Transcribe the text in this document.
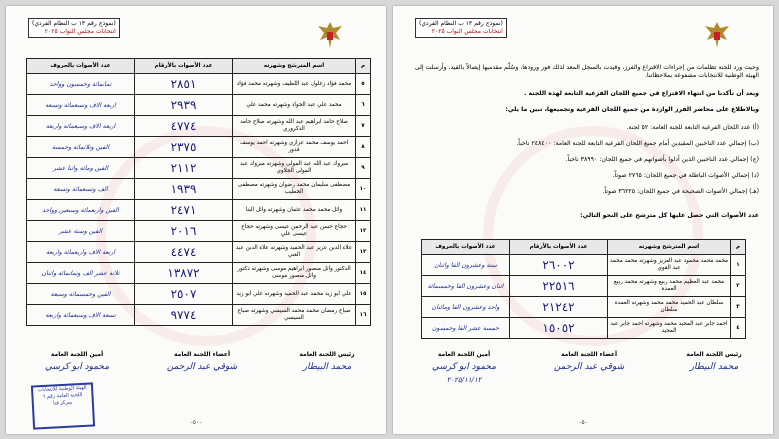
(نموذج رقم ١٣ ب النظام الفردي)
انتخابات مجلس النواب ٢٠٢٥
م	اسم المترشح وشهرته	عدد الأصوات بالأرقام	عدد الأصوات بالحروف
٥	محمد فؤاد زغلول عبد اللطيف وشهرته محمد فؤاد	٢٨٥١	ثمانمائة وخمسون وواحد
٦	محمد علي عبد الجواد وشهرته محمد علي	٢٩٣٩	اربعة الاف وتسعمائة وتسعة
٧	صلاح حامد ابراهيم عبد الله وشهرته صلاح حامد الدكروري	٤٧٧٤	اربعة الاف وسبعمائة واربعة
٨	احمد يوسف محمد عزازي وشهرته احمد يوسف قدور	٢٣٧٥	الفين وثلاثمائة وخمسة
٩	مبروك عبد الله عبد المولى وشهرته مبروك عبد المولى الجلاوي	٢١١٢	الفين ومائة واثنا عشر
١٠	مصطفى سليمان محمد رضوان وشهرته مصطفى الخطيب	١٩٣٩	الف وتسعمائة وتسعة
١١	وائل محمد محمد عثمان وشهرته وائل البنا	٢٤٧١	الفين واربعمائة وسبعين وواحد
١٢	حجاج حسن عبد الرحمن عيسى وشهرته حجاج عيسى علي	٢٠١٦	الفين وستة عشر
١٣	علاء الدين عزيز عبد الحميد وشهرته علاء الدين عبد الغني	٤٤٧٤	اربعة الاف واربعمائة واربعة
١٤	الدكتور وائل منصور ابراهيم موسى وشهرته دكتور وائل منصور موسى	١٣٨٧٢	ثلاثة عشر الف وثمانمائة واثنان
١٥	علي ابو زيد محمد عبد الحميد وشهرته علي ابو زيد	٢٥٠٧	الفين وخمسمائة وسبعة
١٦	صباح رمضان محمد محمد السيسي وشهرته صباح السيسي	٩٧٧٤	تسعة الاف وسبعمائة واربعة
رئيس اللجنة العامة
محمد البيطار
أعضاء اللجنة العامة
شوقي عبد الرحمن
أمين اللجنة العامة
محمود ابو كرسي
الهيئة الوطنية للانتخابات
اللجنة العامة رقم ٦
بمركز قنا
-٥٠-
(نموذج رقم ١٣ ب النظام الفردي)
انتخابات مجلس النواب ٢٠٢٥
وحيث ورد للجنة تظلمات من إجراءات الاقتراع والفرز، وقيدت بالسجل المعد لذلك فور ورودها، وسُلّم مقدميها إيصالاً بالقيد، وأرسلت إلى الهيئة الوطنية للانتخابات مشفوعة بملاحظاتنا.
وبعد أن تأكدنا من انتهاء الاقتراع في جميع اللجان الفرعية التابعة لهذه اللجنة .
وبالاطلاع على محاضر الفرز الواردة من جميع اللجان الفرعية وتجميعها، تبين ما يلي:
(أ) عدد اللجان الفرعية التابعة للجنة العامة: ٥٢ لجنة.
(ب) إجمالي عدد الناخبين المقيدين أمام جميع اللجان الفرعية التابعة للجنة العامة: ٢٤٨٤٠٠ ناخباً.
(ج) إجمالي عدد الناخبين الذين أدلوا بأصواتهم في جميع اللجان: ٣٨٩٩٠ ناخباً.
(د) إجمالي الأصوات الباطلة في جميع اللجان: ٢٧٦٥ صوتاً.
(هـ) إجمالي الأصوات الصحيحة في جميع اللجان: ٣٦٢٢٥ صوتاً.
عدد الأصوات التي حصل عليها كل مترشح على النحو التالي:
م	اسم المترشح وشهرته	عدد الأصوات بالأرقام	عدد الأصوات بالحروف
١	محمد محمد محمود عبد العزيز وشهرته محمد محمد عبد القوي	٢٦٠٠٢	ستة وعشرون الفا واثنان
٢	محمد عبد العظيم محمد ربيع وشهرته محمد ربيع العمدة	٢٢٥١٦	اثنان وعشرون الفا وخمسمائة
٣	سلطان عبد الحميد محمد محمد وشهرته العمدة سلطان	٢١٢٤٢	واحد وعشرون الفا ومائتان
٤	احمد جابر عبد المجيد محمد وشهرته احمد جابر عبد المجيد	١٥٠٥٢	خمسة عشر الفا وخمسون
رئيس اللجنة العامة
محمد البيطار
أعضاء اللجنة العامة
شوقي عبد الرحمن
أمين اللجنة العامة
محمود ابو كرسي
٢٠٢٥/١١/١٢
-٥-
